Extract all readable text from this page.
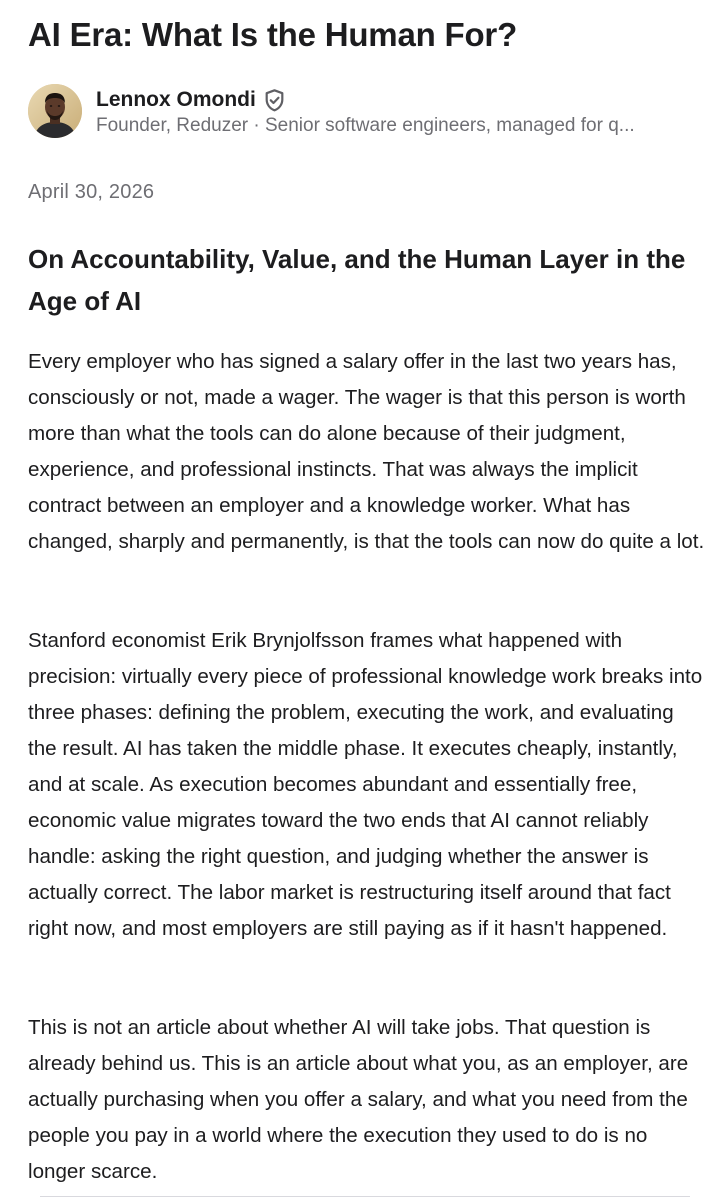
AI Era: What Is the Human For?
Lennox Omondi
Founder, Reduzer · Senior software engineers, managed for q...
April 30, 2026
On Accountability, Value, and the Human Layer in the Age of AI

Every employer who has signed a salary offer in the last two years has, consciously or not, made a wager. The wager is that this person is worth more than what the tools can do alone because of their judgment, experience, and professional instincts. That was always the implicit contract between an employer and a knowledge worker. What has changed, sharply and permanently, is that the tools can now do quite a lot.

Stanford economist Erik Brynjolfsson frames what happened with precision: virtually every piece of professional knowledge work breaks into three phases: defining the problem, executing the work, and evaluating the result. AI has taken the middle phase. It executes cheaply, instantly, and at scale. As execution becomes abundant and essentially free, economic value migrates toward the two ends that AI cannot reliably handle: asking the right question, and judging whether the answer is actually correct. The labor market is restructuring itself around that fact right now, and most employers are still paying as if it hasn't happened.

This is not an article about whether AI will take jobs. That question is already behind us. This is an article about what you, as an employer, are actually purchasing when you offer a salary, and what you need from the people you pay in a world where the execution they used to do is no longer scarce.
